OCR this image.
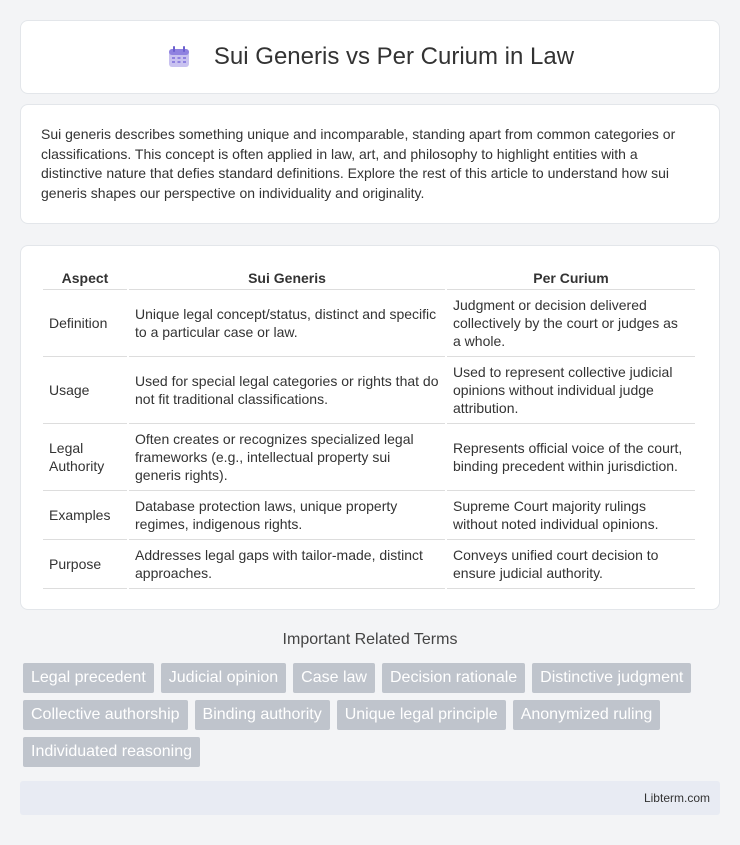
Sui Generis vs Per Curium in Law

Sui generis describes something unique and incomparable, standing apart from common categories or classifications. This concept is often applied in law, art, and philosophy to highlight entities with a distinctive nature that defies standard definitions. Explore the rest of this article to understand how sui generis shapes our perspective on individuality and originality.

Aspect	Sui Generis	Per Curium
Definition	Unique legal concept/status, distinct and specific to a particular case or law.	Judgment or decision delivered collectively by the court or judges as a whole.
Usage	Used for special legal categories or rights that do not fit traditional classifications.	Used to represent collective judicial opinions without individual judge attribution.
Legal Authority	Often creates or recognizes specialized legal frameworks (e.g., intellectual property sui generis rights).	Represents official voice of the court, binding precedent within jurisdiction.
Examples	Database protection laws, unique property regimes, indigenous rights.	Supreme Court majority rulings without noted individual opinions.
Purpose	Addresses legal gaps with tailor-made, distinct approaches.	Conveys unified court decision to ensure judicial authority.
Important Related Terms
Legal precedent	Judicial opinion	Case law	Decision rationale	Distinctive judgment
Collective authorship	Binding authority	Unique legal principle	Anonymized ruling
Individuated reasoning
Libterm.com
